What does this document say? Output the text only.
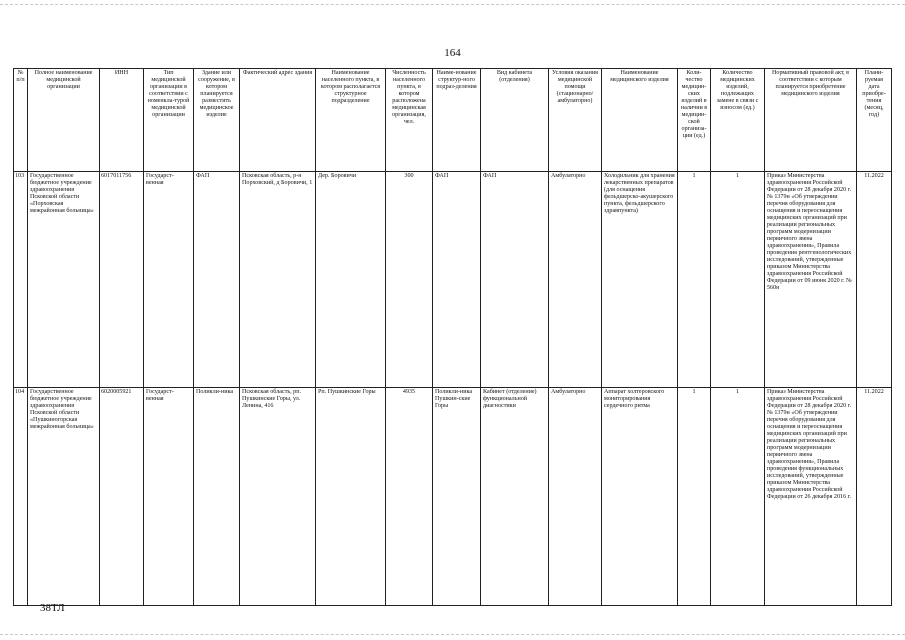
164
№ п/п	Полное наименование медицинской организации	ИНН	Тип медицинской организации в соответствии с номенкла-турой медицинской организации	Здание или сооружение, в котором планируется разместить медицинское изделие	Фактический адрес здания	Наименование населенного пункта, в котором располагается структурное подразделение	Численность населенного пункта, в котором расположена медицинская организация, чел.	Наиме-нование структур-ного подраз-деления	Вид кабинета (отделения)	Условия оказания медицинской помощи (стационарно/амбулаторно)	Наименование медицинского изделия	Коли-чество медицин-ских изделий в наличии в медицин-ской организа-ции (ед.)	Количество медицинских изделий, подлежащих замене в связи с износом (ед.)	Нормативный правовой акт, в соответствии с которым планируется приобретение медицинского изделия	Плани-руемая дата приобре-тения (месяц, год)
103	Государственное бюджетное учреждение здравоохранения Псковской области «Порховская межрайонная больница»	6017011756	Государст-венная	ФАП	Псковская область, р-н Порховский, д Боровичи, 1	Дер. Боровичи	300	ФАП	ФАП	Амбулаторно	Холодильник для хранения лекарственных препаратов (для оснащения фельдшерско-акушерского пункта, фельдшерского здравпункта)	1	1	Приказ Министерства здравоохранения Российской Федерации от 28 декабря 2020 г. № 1379н «Об утверждении перечня оборудования для оснащения и переоснащения медицинских организаций при реализации региональных программ модернизации первичного звена здравоохранения», Правила проведения рентгенологических исследований, утвержденные приказом Министерства здравоохранения Российской Федерации от 09 июня 2020 г. № 560н	11.2022
104	Государственное бюджетное учреждение здравоохранения Псковской области «Пушкиногорская межрайонная больница»	6020005921	Государст-венная	Поликли-ника	Псковская область, рп. Пушкинские Горы, ул. Ленина, 416	Рп. Пушкинские Горы	4935	Поликли-ника Пушкин-ские Горы	Кабинет (отделение) функциональной диагностики	Амбулаторно	Аппарат холтеровского мониторирования сердечного ритма	1	1	Приказ Министерства здравоохранения Российской Федерации от 28 декабря 2020 г. № 1379н «Об утверждении перечня оборудования для оснащения и переоснащения медицинских организаций при реализации региональных программ модернизации первичного звена здравоохранения», Правила проведения функциональных исследований, утвержденные приказом Министерства здравоохранения Российской Федерации от 26 декабря 2016 г.	11.2022
38ТЛ
